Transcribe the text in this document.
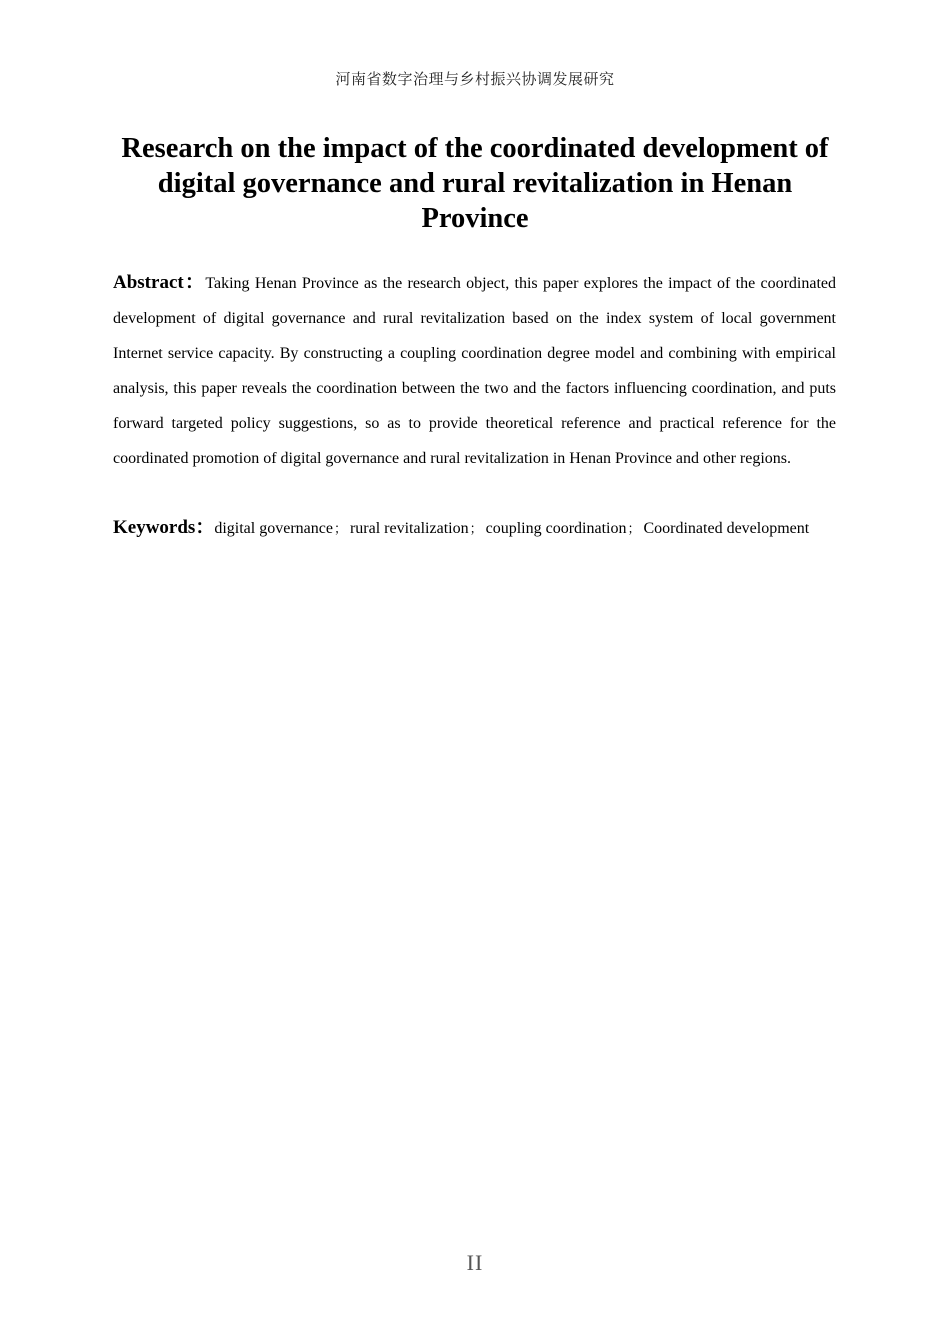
河南省数字治理与乡村振兴协调发展研究
Research on the impact of the coordinated development of digital governance and rural revitalization in Henan Province

Abstract：Taking Henan Province as the research object, this paper explores the impact of the coordinated development of digital governance and rural revitalization based on the index system of local government Internet service capacity. By constructing a coupling coordination degree model and combining with empirical analysis, this paper reveals the coordination between the two and the factors influencing coordination, and puts forward targeted policy suggestions, so as to provide theoretical reference and practical reference for the coordinated promotion of digital governance and rural revitalization in Henan Province and other regions.

Keywords：digital governance； rural revitalization； coupling coordination； Coordinated development

II
